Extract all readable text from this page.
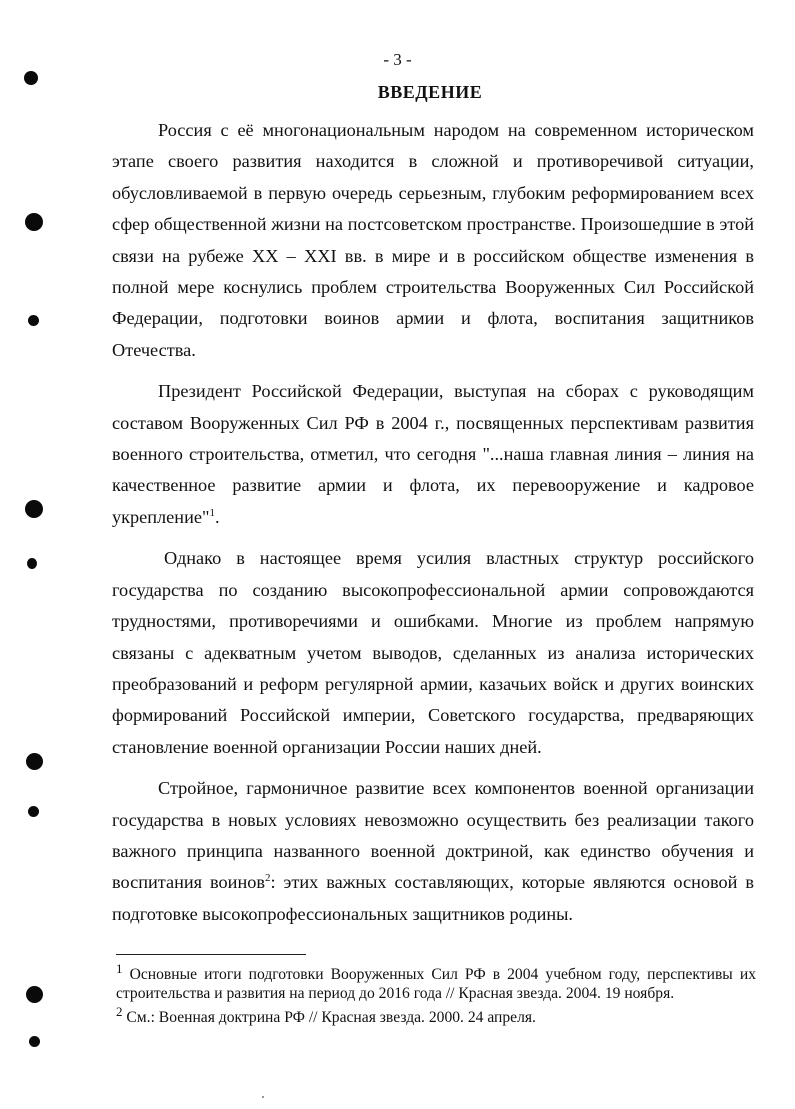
- 3 -
ВВЕДЕНИЕ

Россия с её многонациональным народом на современном историческом этапе своего развития находится в сложной и противоречивой ситуации, обусловливаемой в первую очередь серьезным, глубоким реформированием всех сфер общественной жизни на постсоветском пространстве. Произошедшие в этой связи на рубеже XX – XXI вв. в мире и в российском обществе изменения в полной мере коснулись проблем строительства Вооруженных Сил Российской Федерации, подготовки воинов армии и флота, воспитания защитников Отечества.

Президент Российской Федерации, выступая на сборах с руководящим составом Вооруженных Сил РФ в 2004 г., посвященных перспективам развития военного строительства, отметил, что сегодня "...наша главная линия – линия на качественное развитие армии и флота, их перевооружение и кадровое укрепление"$^1$.

Однако в настоящее время усилия властных структур российского государства по созданию высокопрофессиональной армии сопровождаются трудностями, противоречиями и ошибками. Многие из проблем напрямую связаны с адекватным учетом выводов, сделанных из анализа исторических преобразований и реформ регулярной армии, казачьих войск и других воинских формирований Российской империи, Советского государства, предваряющих становление военной организации России наших дней.

Стройное, гармоничное развитие всех компонентов военной организации государства в новых условиях невозможно осуществить без реализации такого важного принципа названного военной доктриной, как единство обучения и воспитания воинов$^2$: этих важных составляющих, которые являются основой в подготовке высокопрофессиональных защитников родины.

$^1$ Основные итоги подготовки Вооруженных Сил РФ в 2004 учебном году, перспективы их строительства и развития на период до 2016 года // Красная звезда. 2004. 19 ноября.

$^2$ См.: Военная доктрина РФ // Красная звезда. 2000. 24 апреля.
